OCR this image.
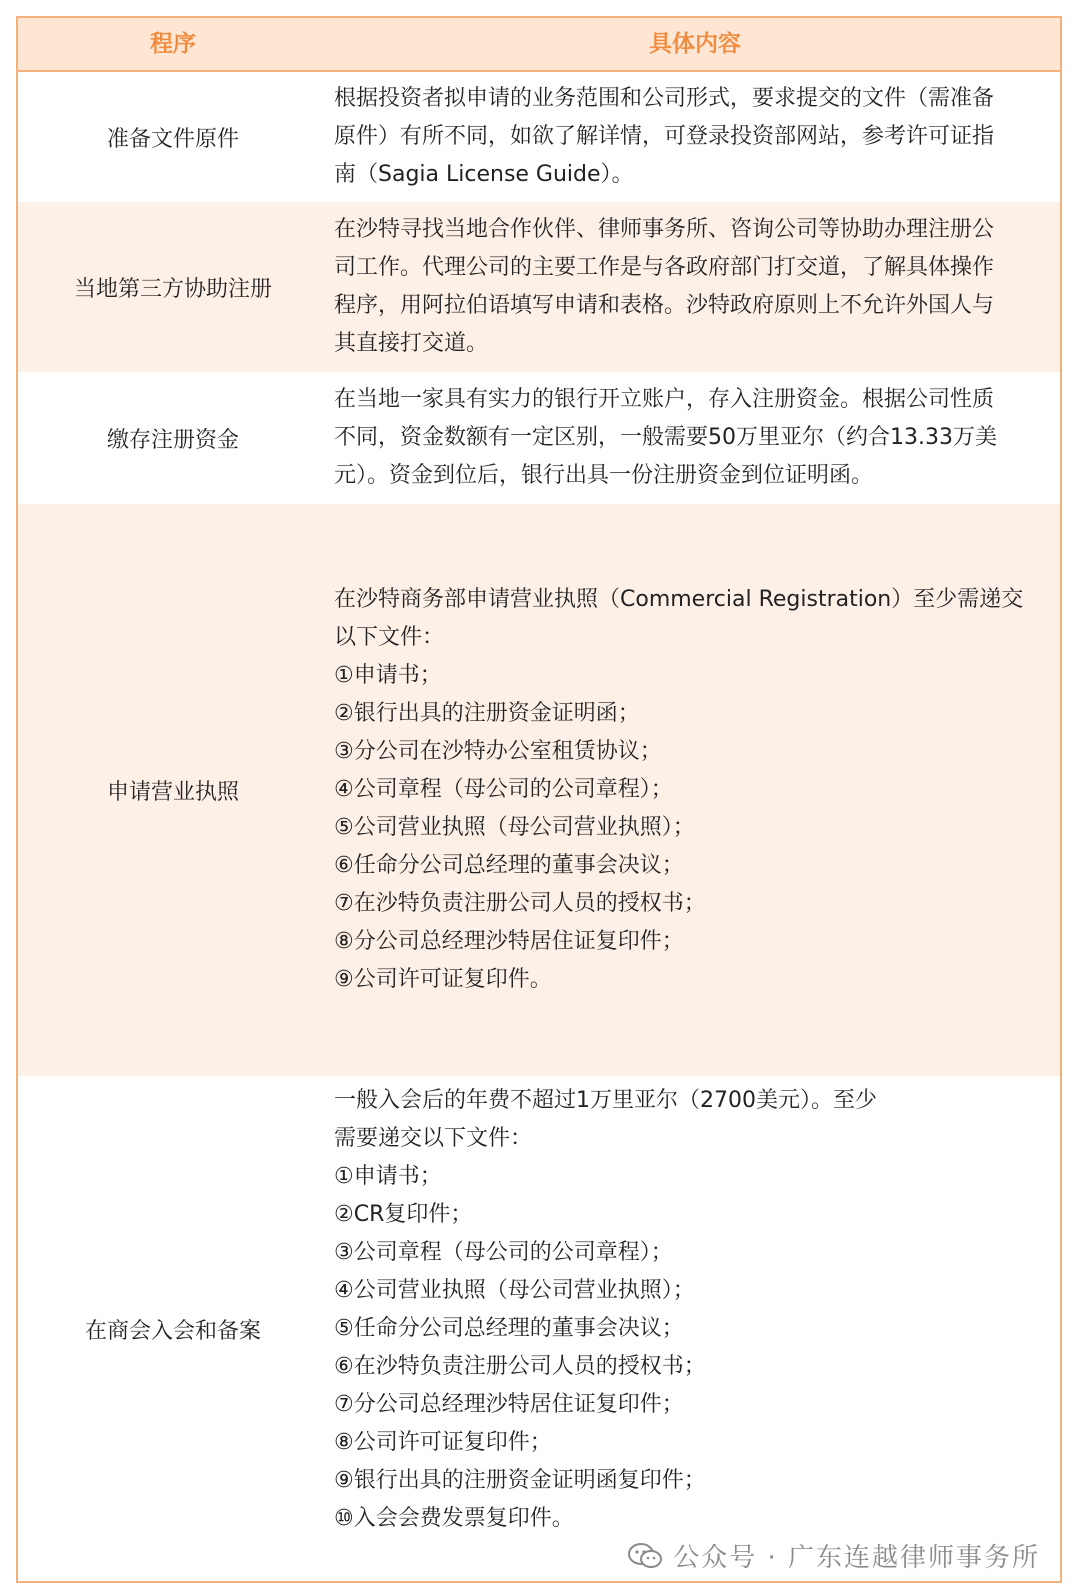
程序	具体内容
准备文件原件
根据投资者拟申请的业务范围和公司形式，要求提交的文件（需准备
原件）有所不同，如欲了解详情，可登录投资部网站，参考许可证指
南（Sagia License Guide）。
当地第三方协助注册
在沙特寻找当地合作伙伴、律师事务所、咨询公司等协助办理注册公
司工作。代理公司的主要工作是与各政府部门打交道，了解具体操作
程序，用阿拉伯语填写申请和表格。沙特政府原则上不允许外国人与
其直接打交道。
缴存注册资金
在当地一家具有实力的银行开立账户，存入注册资金。根据公司性质
不同，资金数额有一定区别，一般需要50万里亚尔（约合13.33万美
元）。资金到位后，银行出具一份注册资金到位证明函。
申请营业执照
在沙特商务部申请营业执照（Commercial Registration）至少需递交
以下文件：
①申请书；
②银行出具的注册资金证明函；
③分公司在沙特办公室租赁协议；
④公司章程（母公司的公司章程）；
⑤公司营业执照（母公司营业执照）；
⑥任命分公司总经理的董事会决议；
⑦在沙特负责注册公司人员的授权书；
⑧分公司总经理沙特居住证复印件；
⑨公司许可证复印件。
在商会入会和备案
一般入会后的年费不超过1万里亚尔（2700美元）。至少
需要递交以下文件：
①申请书；
②CR复印件；
③公司章程（母公司的公司章程）；
④公司营业执照（母公司营业执照）；
⑤任命分公司总经理的董事会决议；
⑥在沙特负责注册公司人员的授权书；
⑦分公司总经理沙特居住证复印件；
⑧公司许可证复印件；
⑨银行出具的注册资金证明函复印件；
⑩入会会费发票复印件。
公众号 · 广东连越律师事务所
